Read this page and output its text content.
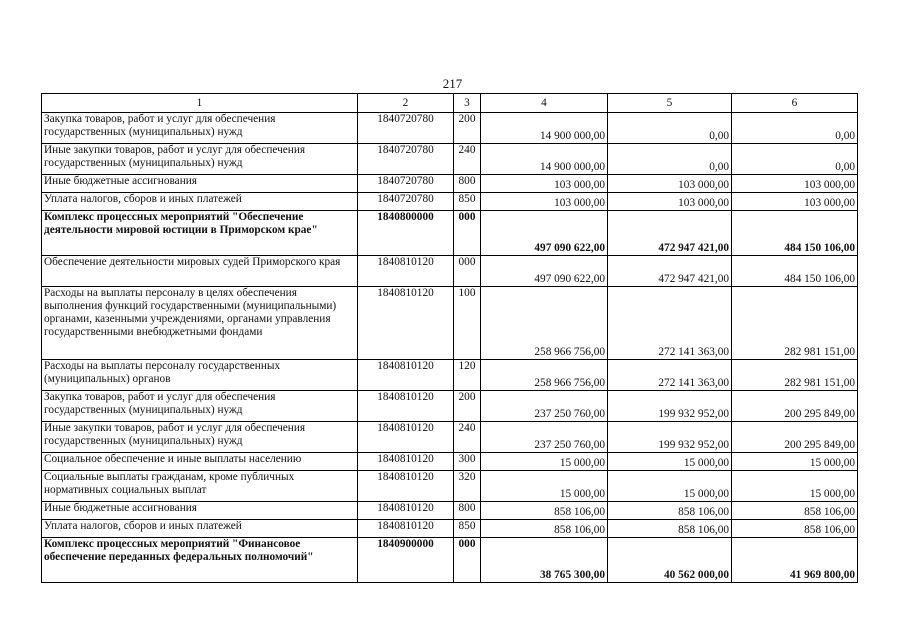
217
1	2	3	4	5	6
Закупка товаров, работ и услуг для обеспечения государственных (муниципальных) нужд	1840720780	200	14 900 000,00	0,00	0,00
Иные закупки товаров, работ и услуг для обеспечения государственных (муниципальных) нужд	1840720780	240	14 900 000,00	0,00	0,00
Иные бюджетные ассигнования	1840720780	800	103 000,00	103 000,00	103 000,00
Уплата налогов, сборов и иных платежей	1840720780	850	103 000,00	103 000,00	103 000,00
Комплекс процессных мероприятий "Обеспечение деятельности мировой юстиции в Приморском крае"	1840800000	000	497 090 622,00	472 947 421,00	484 150 106,00
Обеспечение деятельности мировых судей Приморского края	1840810120	000	497 090 622,00	472 947 421,00	484 150 106,00
Расходы на выплаты персоналу в целях обеспечения выполнения функций государственными (муниципальными) органами, казенными учреждениями, органами управления государственными внебюджетными фондами	1840810120	100	258 966 756,00	272 141 363,00	282 981 151,00
Расходы на выплаты персоналу государственных (муниципальных) органов	1840810120	120	258 966 756,00	272 141 363,00	282 981 151,00
Закупка товаров, работ и услуг для обеспечения государственных (муниципальных) нужд	1840810120	200	237 250 760,00	199 932 952,00	200 295 849,00
Иные закупки товаров, работ и услуг для обеспечения государственных (муниципальных) нужд	1840810120	240	237 250 760,00	199 932 952,00	200 295 849,00
Социальное обеспечение и иные выплаты населению	1840810120	300	15 000,00	15 000,00	15 000,00
Социальные выплаты гражданам, кроме публичных нормативных социальных выплат	1840810120	320	15 000,00	15 000,00	15 000,00
Иные бюджетные ассигнования	1840810120	800	858 106,00	858 106,00	858 106,00
Уплата налогов, сборов и иных платежей	1840810120	850	858 106,00	858 106,00	858 106,00
Комплекс процессных мероприятий "Финансовое обеспечение переданных федеральных полномочий"	1840900000	000	38 765 300,00	40 562 000,00	41 969 800,00
